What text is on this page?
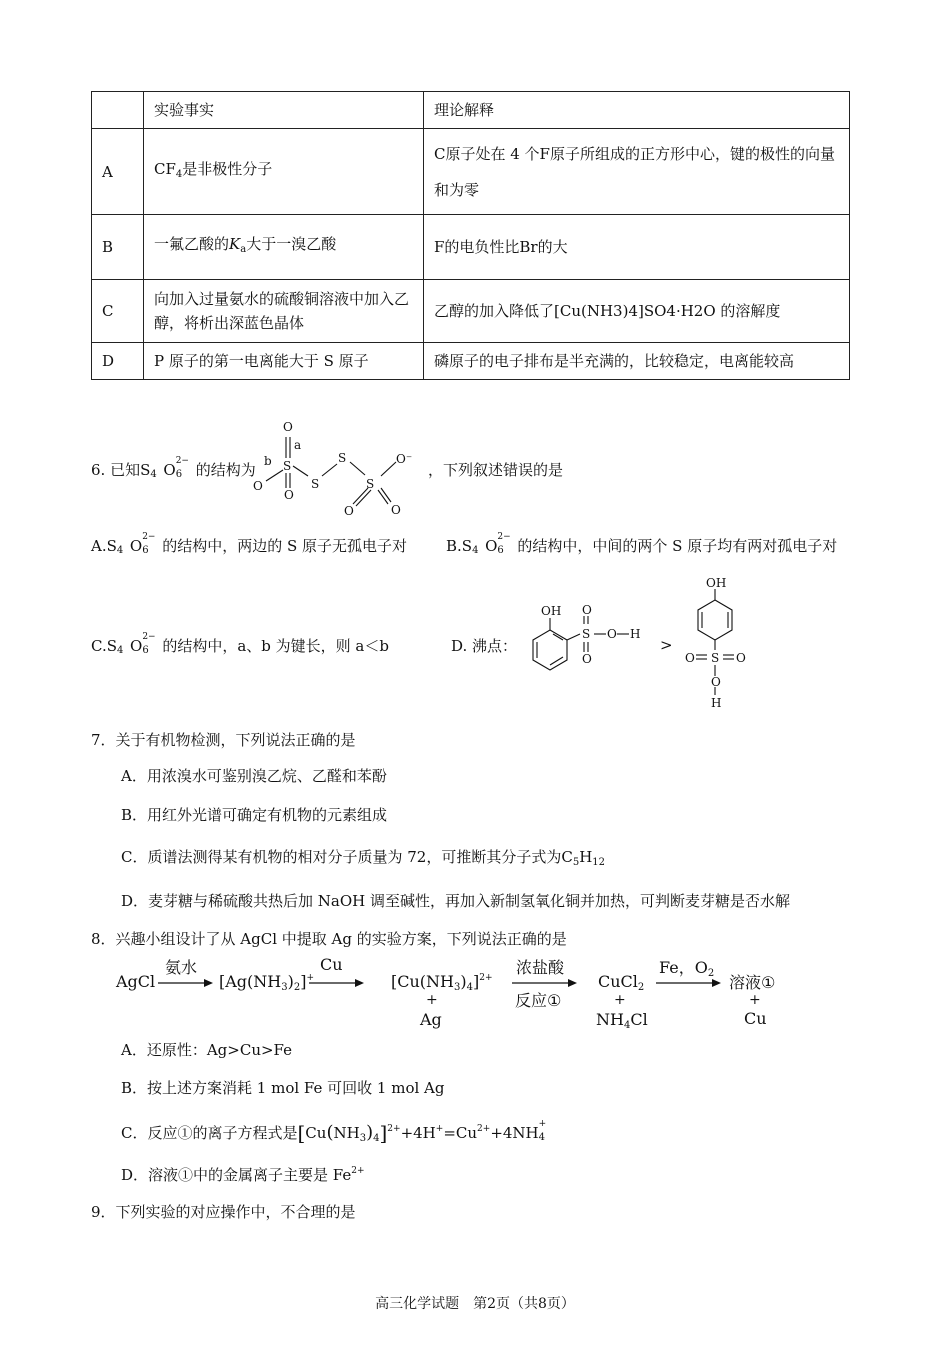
	实验事实	理论解释
A	$CF_4$是非极性分子	C原子处在 4 个F原子所组成的正方形中心，键的极性的向量和为零
B	一氟乙酸的$K_a$大于一溴乙酸	F的电负性比Br的大
C	向加入过量氨水的硫酸铜溶液中加入乙醇，将析出深蓝色晶体	乙醇的加入降低了[Cu(NH3)4]SO4·H2O 的溶解度
D	P 原子的第一电离能大于 S 原子	磷原子的电子排布是半充满的，比较稳定，电离能较高
6. 已知S 4 O 2−
6 的结构为
O
a
b S
O
O
S
S
S
O⁻
O	O
，下列叙述错误的是
A.S 4 O 2−
6 的结构中，两边的 S 原子无孤电子对	B.S 4 O 2−
6 的结构中，中间的两个 S 原子均有两对孤电子对
C.S 4 O 2−
6 的结构中，a、b 为键长，则 a＜b	D. 沸点：
OH
S
O
O
O H
>
OH
S
O	O
O
H
7．关于有机物检测，下列说法正确的是
A．用浓溴水可鉴别溴乙烷、乙醛和苯酚
B．用红外光谱可确定有机物的元素组成
C．质谱法测得某有机物的相对分子质量为 72，可推断其分子式为$C_5H_{12}$
D．麦芽糖与稀硫酸共热后加 NaOH 调至碱性，再加入新制氢氧化铜并加热，可判断麦芽糖是否水解
8．兴趣小组设计了从 AgCl 中提取 Ag 的实验方案，下列说法正确的是
AgCl
氨水
$[Ag(NH_3)_2]^+$
Cu
$[Cu(NH_3)_4]^{2+}$
+
Ag
浓盐酸
反应①
CuCl$_2$
+
$NH_4Cl$
Fe，$O_2$ 溶液①
+
Cu
A．还原性：Ag>Cu>Fe
B．按上述方案消耗 1 mol Fe 可回收 1 mol Ag
C．反应①的离子方程式是$[Cu(NH_3)_4]^{2+}+4H^+=Cu^{2+}+4NH$ +
4
D．溶液①中的金属离子主要是 $Fe^{2+}$
9．下列实验的对应操作中，不合理的是
高三化学试题　第2页（共8页）
